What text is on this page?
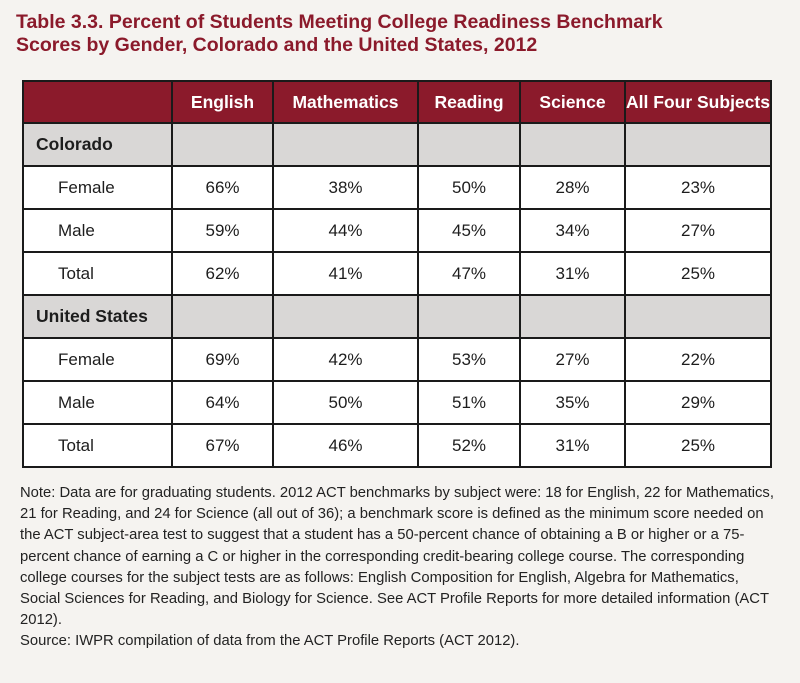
Table 3.3. Percent of Students Meeting College Readiness Benchmark
Scores by Gender, Colorado and the United States, 2012
	English	Mathematics	Reading	Science	All Four Subjects
Colorado					
Female	66%	38%	50%	28%	23%
Male	59%	44%	45%	34%	27%
Total	62%	41%	47%	31%	25%
United States					
Female	69%	42%	53%	27%	22%
Male	64%	50%	51%	35%	29%
Total	67%	46%	52%	31%	25%

Note: Data are for graduating students. 2012 ACT benchmarks by subject were: 18 for English, 22 for Mathematics, 21 for Reading, and 24 for Science (all out of 36); a benchmark score is defined as the minimum score needed on the ACT subject-area test to suggest that a student has a 50-percent chance of obtaining a B or higher or a 75-percent chance of earning a C or higher in the corresponding credit-bearing college course. The corresponding college courses for the subject tests are as follows: English Composition for English, Algebra for Mathematics, Social Sciences for Reading, and Biology for Science. See ACT Profile Reports for more detailed information (ACT 2012).

Source: IWPR compilation of data from the ACT Profile Reports (ACT 2012).
